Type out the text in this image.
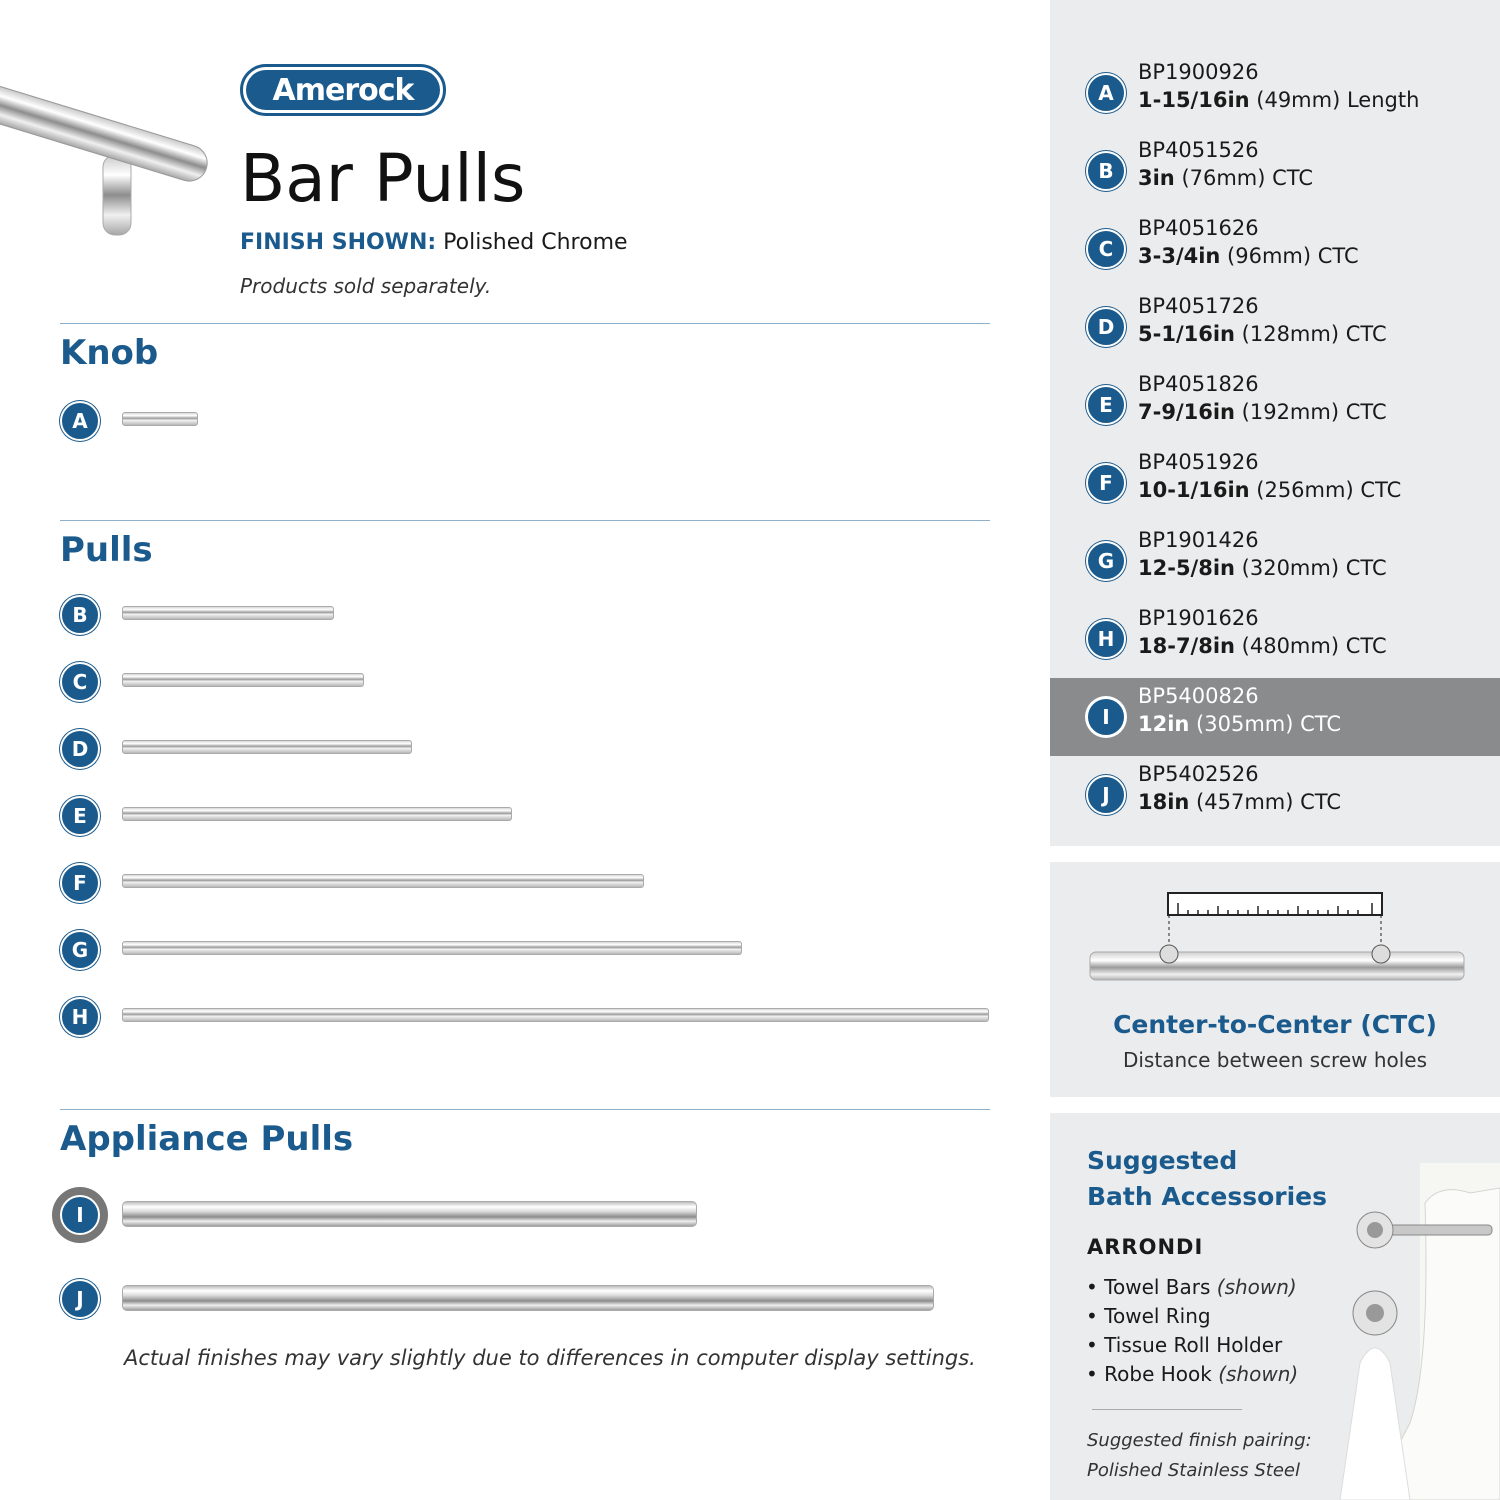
Amerock
Bar Pulls
FINISH SHOWN: Polished Chrome
Products sold separately.
Knob
A
Pulls
B
C
D
E
F
G
H
Appliance Pulls
I
J
Actual finishes may vary slightly due to differences in computer display settings.
A
BP1900926
1-15/16in (49mm) Length
B
BP4051526
3in (76mm) CTC
C
BP4051626
3-3/4in (96mm) CTC
D
BP4051726
5-1/16in (128mm) CTC
E
BP4051826
7-9/16in (192mm) CTC
F
BP4051926
10-1/16in (256mm) CTC
G
BP1901426
12-5/8in (320mm) CTC
H
BP1901626
18-7/8in (480mm) CTC
I
BP5400826
12in (305mm) CTC
J
BP5402526
18in (457mm) CTC
Center-to-Center (CTC)
Distance between screw holes
Suggested
Bath Accessories
ARRONDI
Suggested finish pairing:
Polished Stainless Steel
• Towel Bars (shown)
• Towel Ring
• Tissue Roll Holder
• Robe Hook (shown)
